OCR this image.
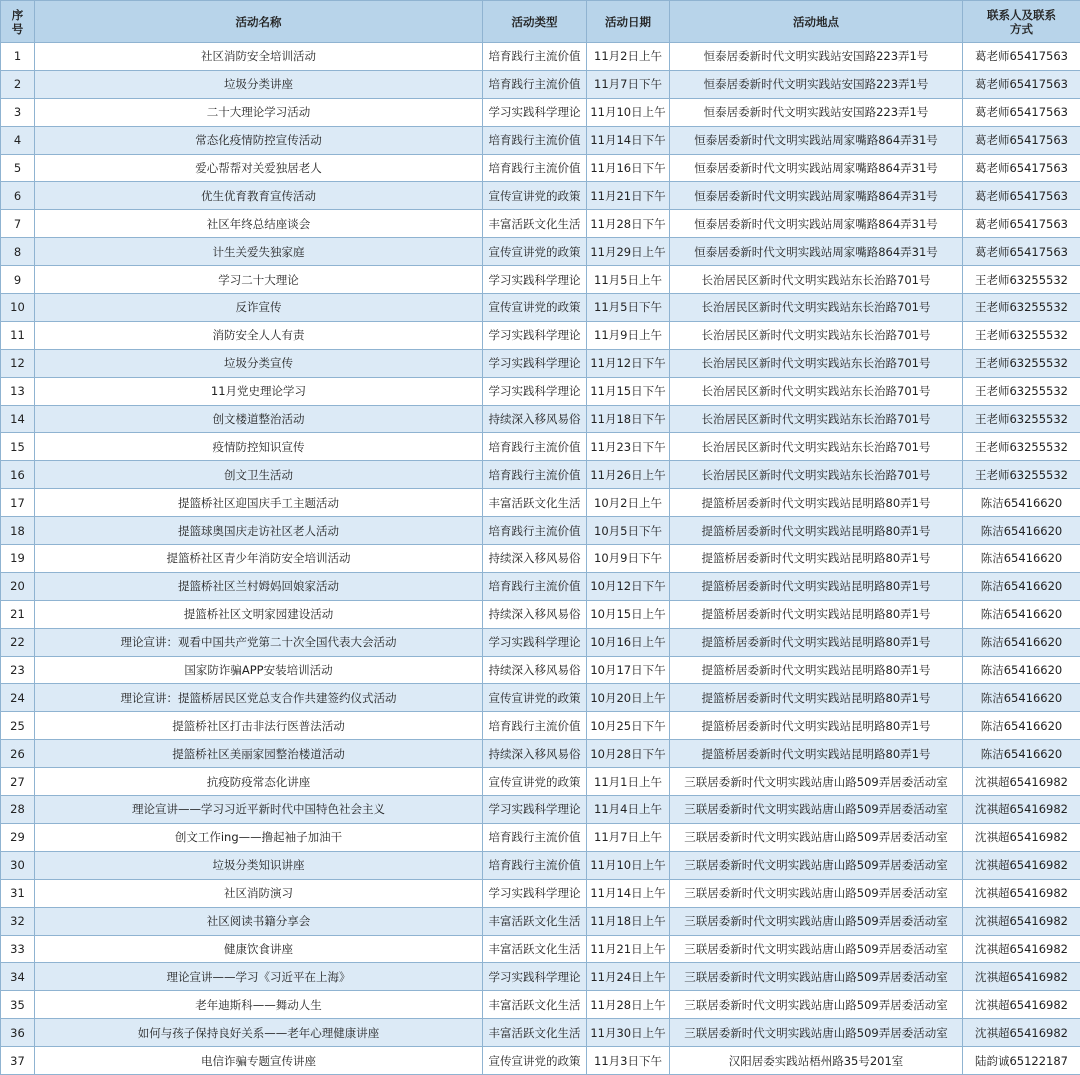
序号	活动名称	活动类型	活动日期	活动地点	联系人及联系方式
1	社区消防安全培训活动	培育践行主流价值	11月2日上午	恒泰居委新时代文明实践站安国路223弄1号	葛老师65417563
2	垃圾分类讲座	培育践行主流价值	11月7日下午	恒泰居委新时代文明实践站安国路223弄1号	葛老师65417563
3	二十大理论学习活动	学习实践科学理论	11月10日上午	恒泰居委新时代文明实践站安国路223弄1号	葛老师65417563
4	常态化疫情防控宣传活动	培育践行主流价值	11月14日下午	恒泰居委新时代文明实践站周家嘴路864弄31号	葛老师65417563
5	爱心帮帮对关爱独居老人	培育践行主流价值	11月16日下午	恒泰居委新时代文明实践站周家嘴路864弄31号	葛老师65417563
6	优生优育教育宣传活动	宣传宣讲党的政策	11月21日下午	恒泰居委新时代文明实践站周家嘴路864弄31号	葛老师65417563
7	社区年终总结座谈会	丰富活跃文化生活	11月28日下午	恒泰居委新时代文明实践站周家嘴路864弄31号	葛老师65417563
8	计生关爱失独家庭	宣传宣讲党的政策	11月29日上午	恒泰居委新时代文明实践站周家嘴路864弄31号	葛老师65417563
9	学习二十大理论	学习实践科学理论	11月5日上午	长治居民区新时代文明实践站东长治路701号	王老师63255532
10	反诈宣传	宣传宣讲党的政策	11月5日下午	长治居民区新时代文明实践站东长治路701号	王老师63255532
11	消防安全人人有责	学习实践科学理论	11月9日上午	长治居民区新时代文明实践站东长治路701号	王老师63255532
12	垃圾分类宣传	学习实践科学理论	11月12日下午	长治居民区新时代文明实践站东长治路701号	王老师63255532
13	11月党史理论学习	学习实践科学理论	11月15日下午	长治居民区新时代文明实践站东长治路701号	王老师63255532
14	创文楼道整治活动	持续深入移风易俗	11月18日下午	长治居民区新时代文明实践站东长治路701号	王老师63255532
15	疫情防控知识宣传	培育践行主流价值	11月23日下午	长治居民区新时代文明实践站东长治路701号	王老师63255532
16	创文卫生活动	培育践行主流价值	11月26日上午	长治居民区新时代文明实践站东长治路701号	王老师63255532
17	提篮桥社区迎国庆手工主题活动	丰富活跃文化生活	10月2日上午	提篮桥居委新时代文明实践站昆明路80弄1号	陈洁65416620
18	提篮球奥国庆走访社区老人活动	培育践行主流价值	10月5日下午	提篮桥居委新时代文明实践站昆明路80弄1号	陈洁65416620
19	提篮桥社区青少年消防安全培训活动	持续深入移风易俗	10月9日下午	提篮桥居委新时代文明实践站昆明路80弄1号	陈洁65416620
20	提篮桥社区兰村姆妈回娘家活动	培育践行主流价值	10月12日下午	提篮桥居委新时代文明实践站昆明路80弄1号	陈洁65416620
21	提篮桥社区文明家园建设活动	持续深入移风易俗	10月15日上午	提篮桥居委新时代文明实践站昆明路80弄1号	陈洁65416620
22	理论宣讲：观看中国共产党第二十次全国代表大会活动	学习实践科学理论	10月16日上午	提篮桥居委新时代文明实践站昆明路80弄1号	陈洁65416620
23	国家防诈骗APP安装培训活动	持续深入移风易俗	10月17日下午	提篮桥居委新时代文明实践站昆明路80弄1号	陈洁65416620
24	理论宣讲：提篮桥居民区党总支合作共建签约仪式活动	宣传宣讲党的政策	10月20日上午	提篮桥居委新时代文明实践站昆明路80弄1号	陈洁65416620
25	提篮桥社区打击非法行医普法活动	培育践行主流价值	10月25日下午	提篮桥居委新时代文明实践站昆明路80弄1号	陈洁65416620
26	提篮桥社区美丽家园整治楼道活动	持续深入移风易俗	10月28日下午	提篮桥居委新时代文明实践站昆明路80弄1号	陈洁65416620
27	抗疫防疫常态化讲座	宣传宣讲党的政策	11月1日上午	三联居委新时代文明实践站唐山路509弄居委活动室	沈祺超65416982
28	理论宣讲——学习习近平新时代中国特色社会主义	学习实践科学理论	11月4日上午	三联居委新时代文明实践站唐山路509弄居委活动室	沈祺超65416982
29	创文工作ing——撸起袖子加油干	培育践行主流价值	11月7日上午	三联居委新时代文明实践站唐山路509弄居委活动室	沈祺超65416982
30	垃圾分类知识讲座	培育践行主流价值	11月10日上午	三联居委新时代文明实践站唐山路509弄居委活动室	沈祺超65416982
31	社区消防演习	学习实践科学理论	11月14日上午	三联居委新时代文明实践站唐山路509弄居委活动室	沈祺超65416982
32	社区阅读书籍分享会	丰富活跃文化生活	11月18日上午	三联居委新时代文明实践站唐山路509弄居委活动室	沈祺超65416982
33	健康饮食讲座	丰富活跃文化生活	11月21日上午	三联居委新时代文明实践站唐山路509弄居委活动室	沈祺超65416982
34	理论宣讲——学习《习近平在上海》	学习实践科学理论	11月24日上午	三联居委新时代文明实践站唐山路509弄居委活动室	沈祺超65416982
35	老年迪斯科——舞动人生	丰富活跃文化生活	11月28日上午	三联居委新时代文明实践站唐山路509弄居委活动室	沈祺超65416982
36	如何与孩子保持良好关系——老年心理健康讲座	丰富活跃文化生活	11月30日上午	三联居委新时代文明实践站唐山路509弄居委活动室	沈祺超65416982
37	电信诈骗专题宣传讲座	宣传宣讲党的政策	11月3日下午	汉阳居委实践站梧州路35号201室	陆韵诚65122187
